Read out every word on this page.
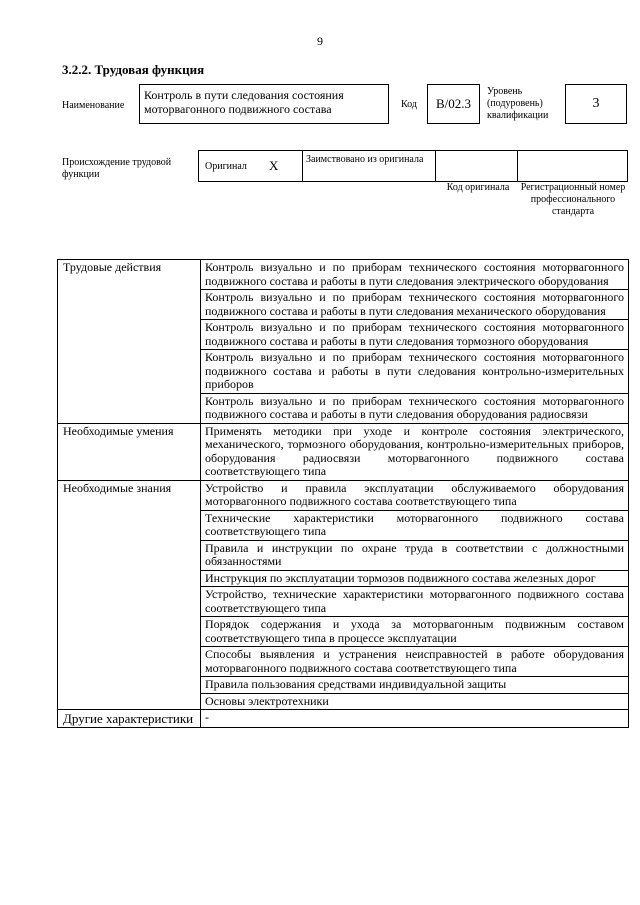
9
3.2.2. Трудовая функция
Наименование
Контроль в пути следования состояния моторвагонного подвижного состава	Код	B/02.3
Уровень (подуровень) квалификации
3
Происхождение трудовой функции
Оригинал X	Заимствовано из оригинала
Код оригинала	Регистрационный номер профессионального стандарта
Трудовые действия	Контроль визуально и по приборам технического состояния моторвагонного подвижного состава и работы в пути следования электрического оборудования
	Контроль визуально и по приборам технического состояния моторвагонного подвижного состава и работы в пути следования механического оборудования
	Контроль визуально и по приборам технического состояния моторвагонного подвижного состава и работы в пути следования тормозного оборудования
	Контроль визуально и по приборам технического состояния моторвагонного подвижного состава и работы в пути следования контрольно-измерительных приборов
	Контроль визуально и по приборам технического состояния моторвагонного подвижного состава и работы в пути следования оборудования радиосвязи
Необходимые умения	Применять методики при уходе и контроле состояния электрического, механического, тормозного оборудования, контрольно-измерительных приборов, оборудования радиосвязи моторвагонного подвижного состава соответствующего типа
Необходимые знания	Устройство и правила эксплуатации обслуживаемого оборудования моторвагонного подвижного состава соответствующего типа
	Технические характеристики моторвагонного подвижного состава соответствующего типа
	Правила и инструкции по охране труда в соответствии с должностными обязанностями
	Инструкция по эксплуатации тормозов подвижного состава железных дорог
	Устройство, технические характеристики моторвагонного подвижного состава соответствующего типа
	Порядок содержания и ухода за моторвагонным подвижным составом соответствующего типа в процессе эксплуатации
	Способы выявления и устранения неисправностей в работе оборудования моторвагонного подвижного состава соответствующего типа
	Правила пользования средствами индивидуальной защиты
	Основы электротехники
Другие характеристики	-
